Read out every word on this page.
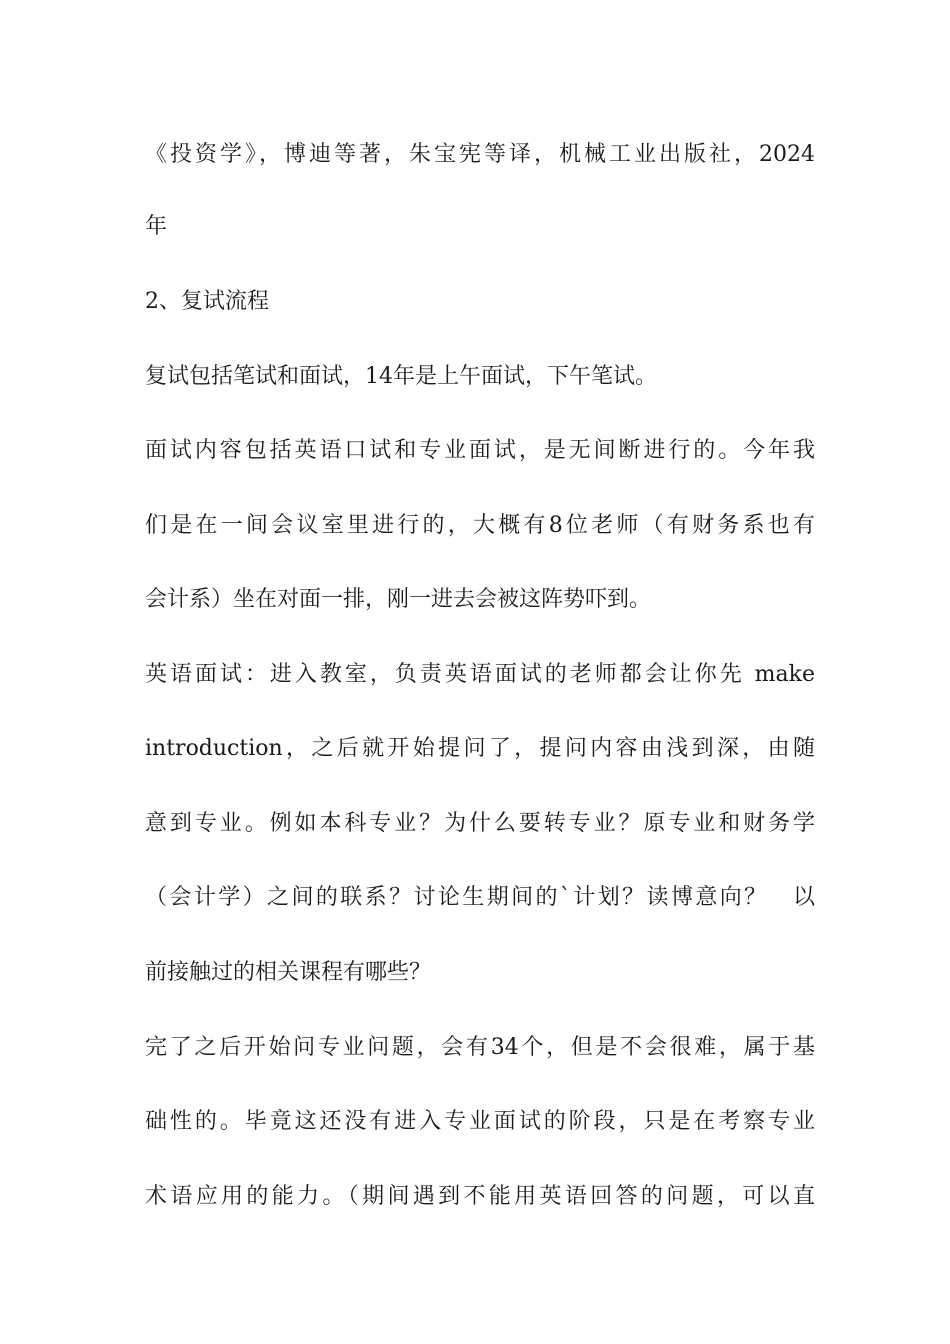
《投资学》，博迪等著，朱宝宪等译，机械工业出版社，2024
年
2、复试流程
复试包括笔试和面试，14年是上午面试，下午笔试。
面试内容包括英语口试和专业面试，是无间断进行的。今年我
们是在一间会议室里进行的，大概有8位老师（有财务系也有
会计系）坐在对面一排，刚一进去会被这阵势吓到。
英语面试：进入教室，负责英语面试的老师都会让你先 make
introduction，之后就开始提问了，提问内容由浅到深，由随
意到专业。例如本科专业？为什么要转专业？原专业和财务学
（会计学）之间的联系？讨论生期间的`计划？读博意向？　以
前接触过的相关课程有哪些？
完了之后开始问专业问题，会有34个，但是不会很难，属于基
础性的。毕竟这还没有进入专业面试的阶段，只是在考察专业
术语应用的能力。（期间遇到不能用英语回答的问题，可以直
